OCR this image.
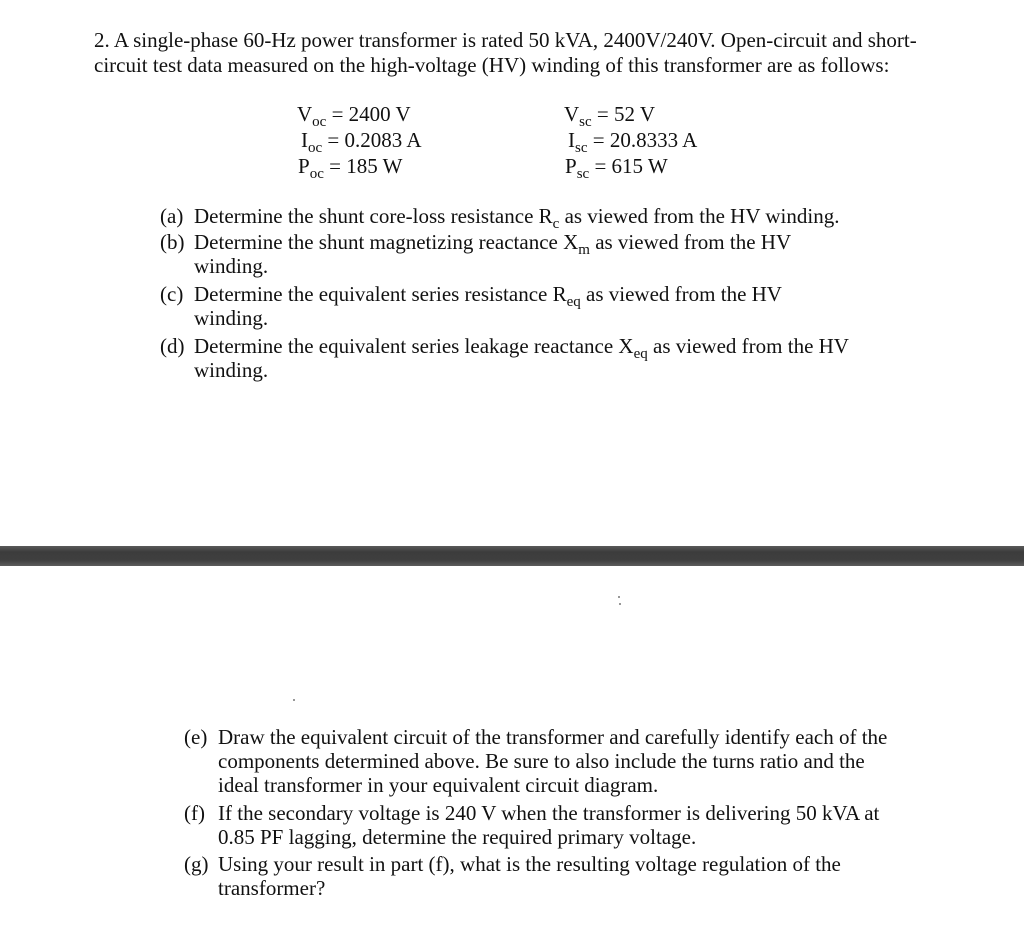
2. A single-phase 60-Hz power transformer is rated 50 kVA, 2400V/240V. Open-circuit and short-circuit test data measured on the high-voltage (HV) winding of this transformer are as follows:
$V_{oc} = 2400$ V
$I_{oc} = 0.2083$ A
$P_{oc} = 185$ W
$V_{sc} = 52$ V
$I_{sc} = 20.8333$ A
$P_{sc} = 615$ W
(a) Determine the shunt core-loss resistance $R_c$ as viewed from the HV winding.
(b) Determine the shunt magnetizing reactance $X_m$ as viewed from the HV winding.
(c) Determine the equivalent series resistance $R_{eq}$ as viewed from the HV winding.
(d) Determine the equivalent series leakage reactance $X_{eq}$ as viewed from the HV winding.
(e) Draw the equivalent circuit of the transformer and carefully identify each of the components determined above. Be sure to also include the turns ratio and the ideal transformer in your equivalent circuit diagram.
(f) If the secondary voltage is 240 V when the transformer is delivering 50 kVA at 0.85 PF lagging, determine the required primary voltage.
(g) Using your result in part (f), what is the resulting voltage regulation of the transformer?
